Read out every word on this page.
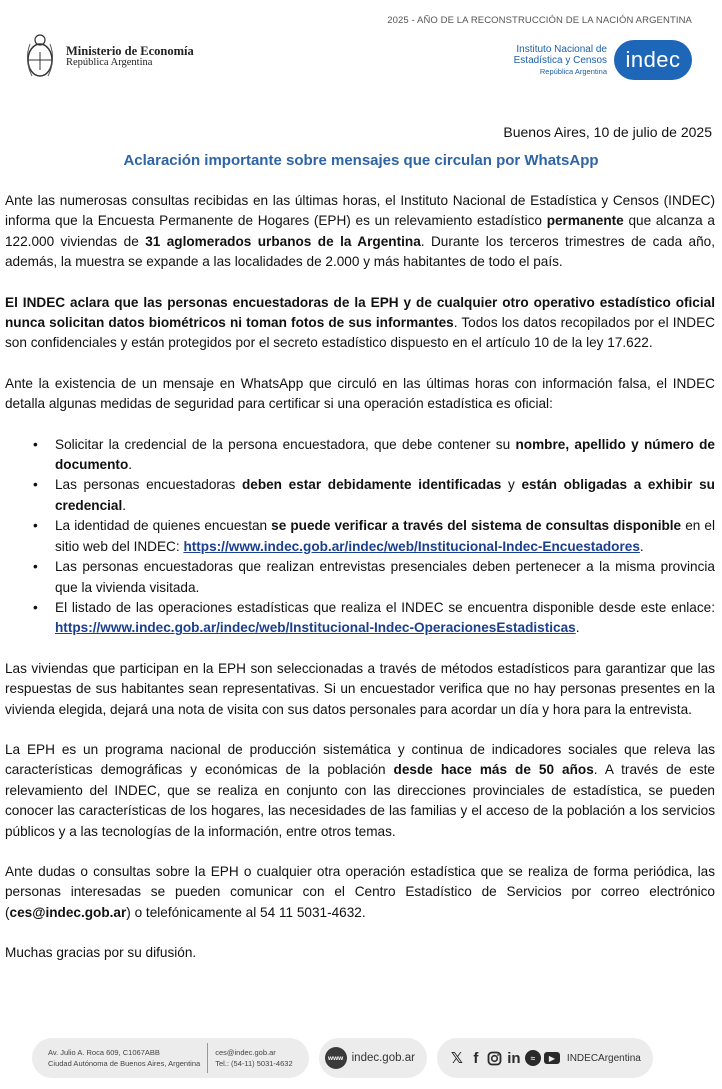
2025 - AÑO DE LA RECONSTRUCCIÓN DE LA NACIÓN ARGENTINA
Ministerio de Economía
República Argentina
Instituto Nacional de
Estadística y Censos
República Argentina indec
Buenos Aires, 10 de julio de 2025
Aclaración importante sobre mensajes que circulan por WhatsApp

Ante las numerosas consultas recibidas en las últimas horas, el Instituto Nacional de Estadística y Censos (INDEC) informa que la Encuesta Permanente de Hogares (EPH) es un relevamiento estadístico permanente que alcanza a 122.000 viviendas de 31 aglomerados urbanos de la Argentina. Durante los terceros trimestres de cada año, además, la muestra se expande a las localidades de 2.000 y más habitantes de todo el país.

El INDEC aclara que las personas encuestadoras de la EPH y de cualquier otro operativo estadístico oficial nunca solicitan datos biométricos ni toman fotos de sus informantes. Todos los datos recopilados por el INDEC son confidenciales y están protegidos por el secreto estadístico dispuesto en el artículo 10 de la ley 17.622.

Ante la existencia de un mensaje en WhatsApp que circuló en las últimas horas con información falsa, el INDEC detalla algunas medidas de seguridad para certificar si una operación estadística es oficial:

• Solicitar la credencial de la persona encuestadora, que debe contener su nombre, apellido y número de documento.
• Las personas encuestadoras deben estar debidamente identificadas y están obligadas a exhibir su credencial.
• La identidad de quienes encuestan se puede verificar a través del sistema de consultas disponible en el sitio web del INDEC: https://www.indec.gob.ar/indec/web/Institucional-Indec-Encuestadores.
• Las personas encuestadoras que realizan entrevistas presenciales deben pertenecer a la misma provincia que la vivienda visitada.
• El listado de las operaciones estadísticas que realiza el INDEC se encuentra disponible desde este enlace: https://www.indec.gob.ar/indec/web/Institucional-Indec-OperacionesEstadisticas.

Las viviendas que participan en la EPH son seleccionadas a través de métodos estadísticos para garantizar que las respuestas de sus habitantes sean representativas. Si un encuestador verifica que no hay personas presentes en la vivienda elegida, dejará una nota de visita con sus datos personales para acordar un día y hora para la entrevista.

La EPH es un programa nacional de producción sistemática y continua de indicadores sociales que releva las características demográficas y económicas de la población desde hace más de 50 años. A través de este relevamiento del INDEC, que se realiza en conjunto con las direcciones provinciales de estadística, se pueden conocer las características de los hogares, las necesidades de las familias y el acceso de la población a los servicios públicos y a las tecnologías de la información, entre otros temas.

Ante dudas o consultas sobre la EPH o cualquier otra operación estadística que se realiza de forma periódica, las personas interesadas se pueden comunicar con el Centro Estadístico de Servicios por correo electrónico (ces@indec.gob.ar) o telefónicamente al 54 11 5031-4632.

Muchas gracias por su difusión.

Av. Julio A. Roca 609, C1067ABB
Ciudad Autónoma de Buenos Aires, Argentina
ces@indec.gob.ar
Tel.: (54-11) 5031-4632
www indec.gob.ar 𝕏 f	in	≈	▶	INDECArgentina
